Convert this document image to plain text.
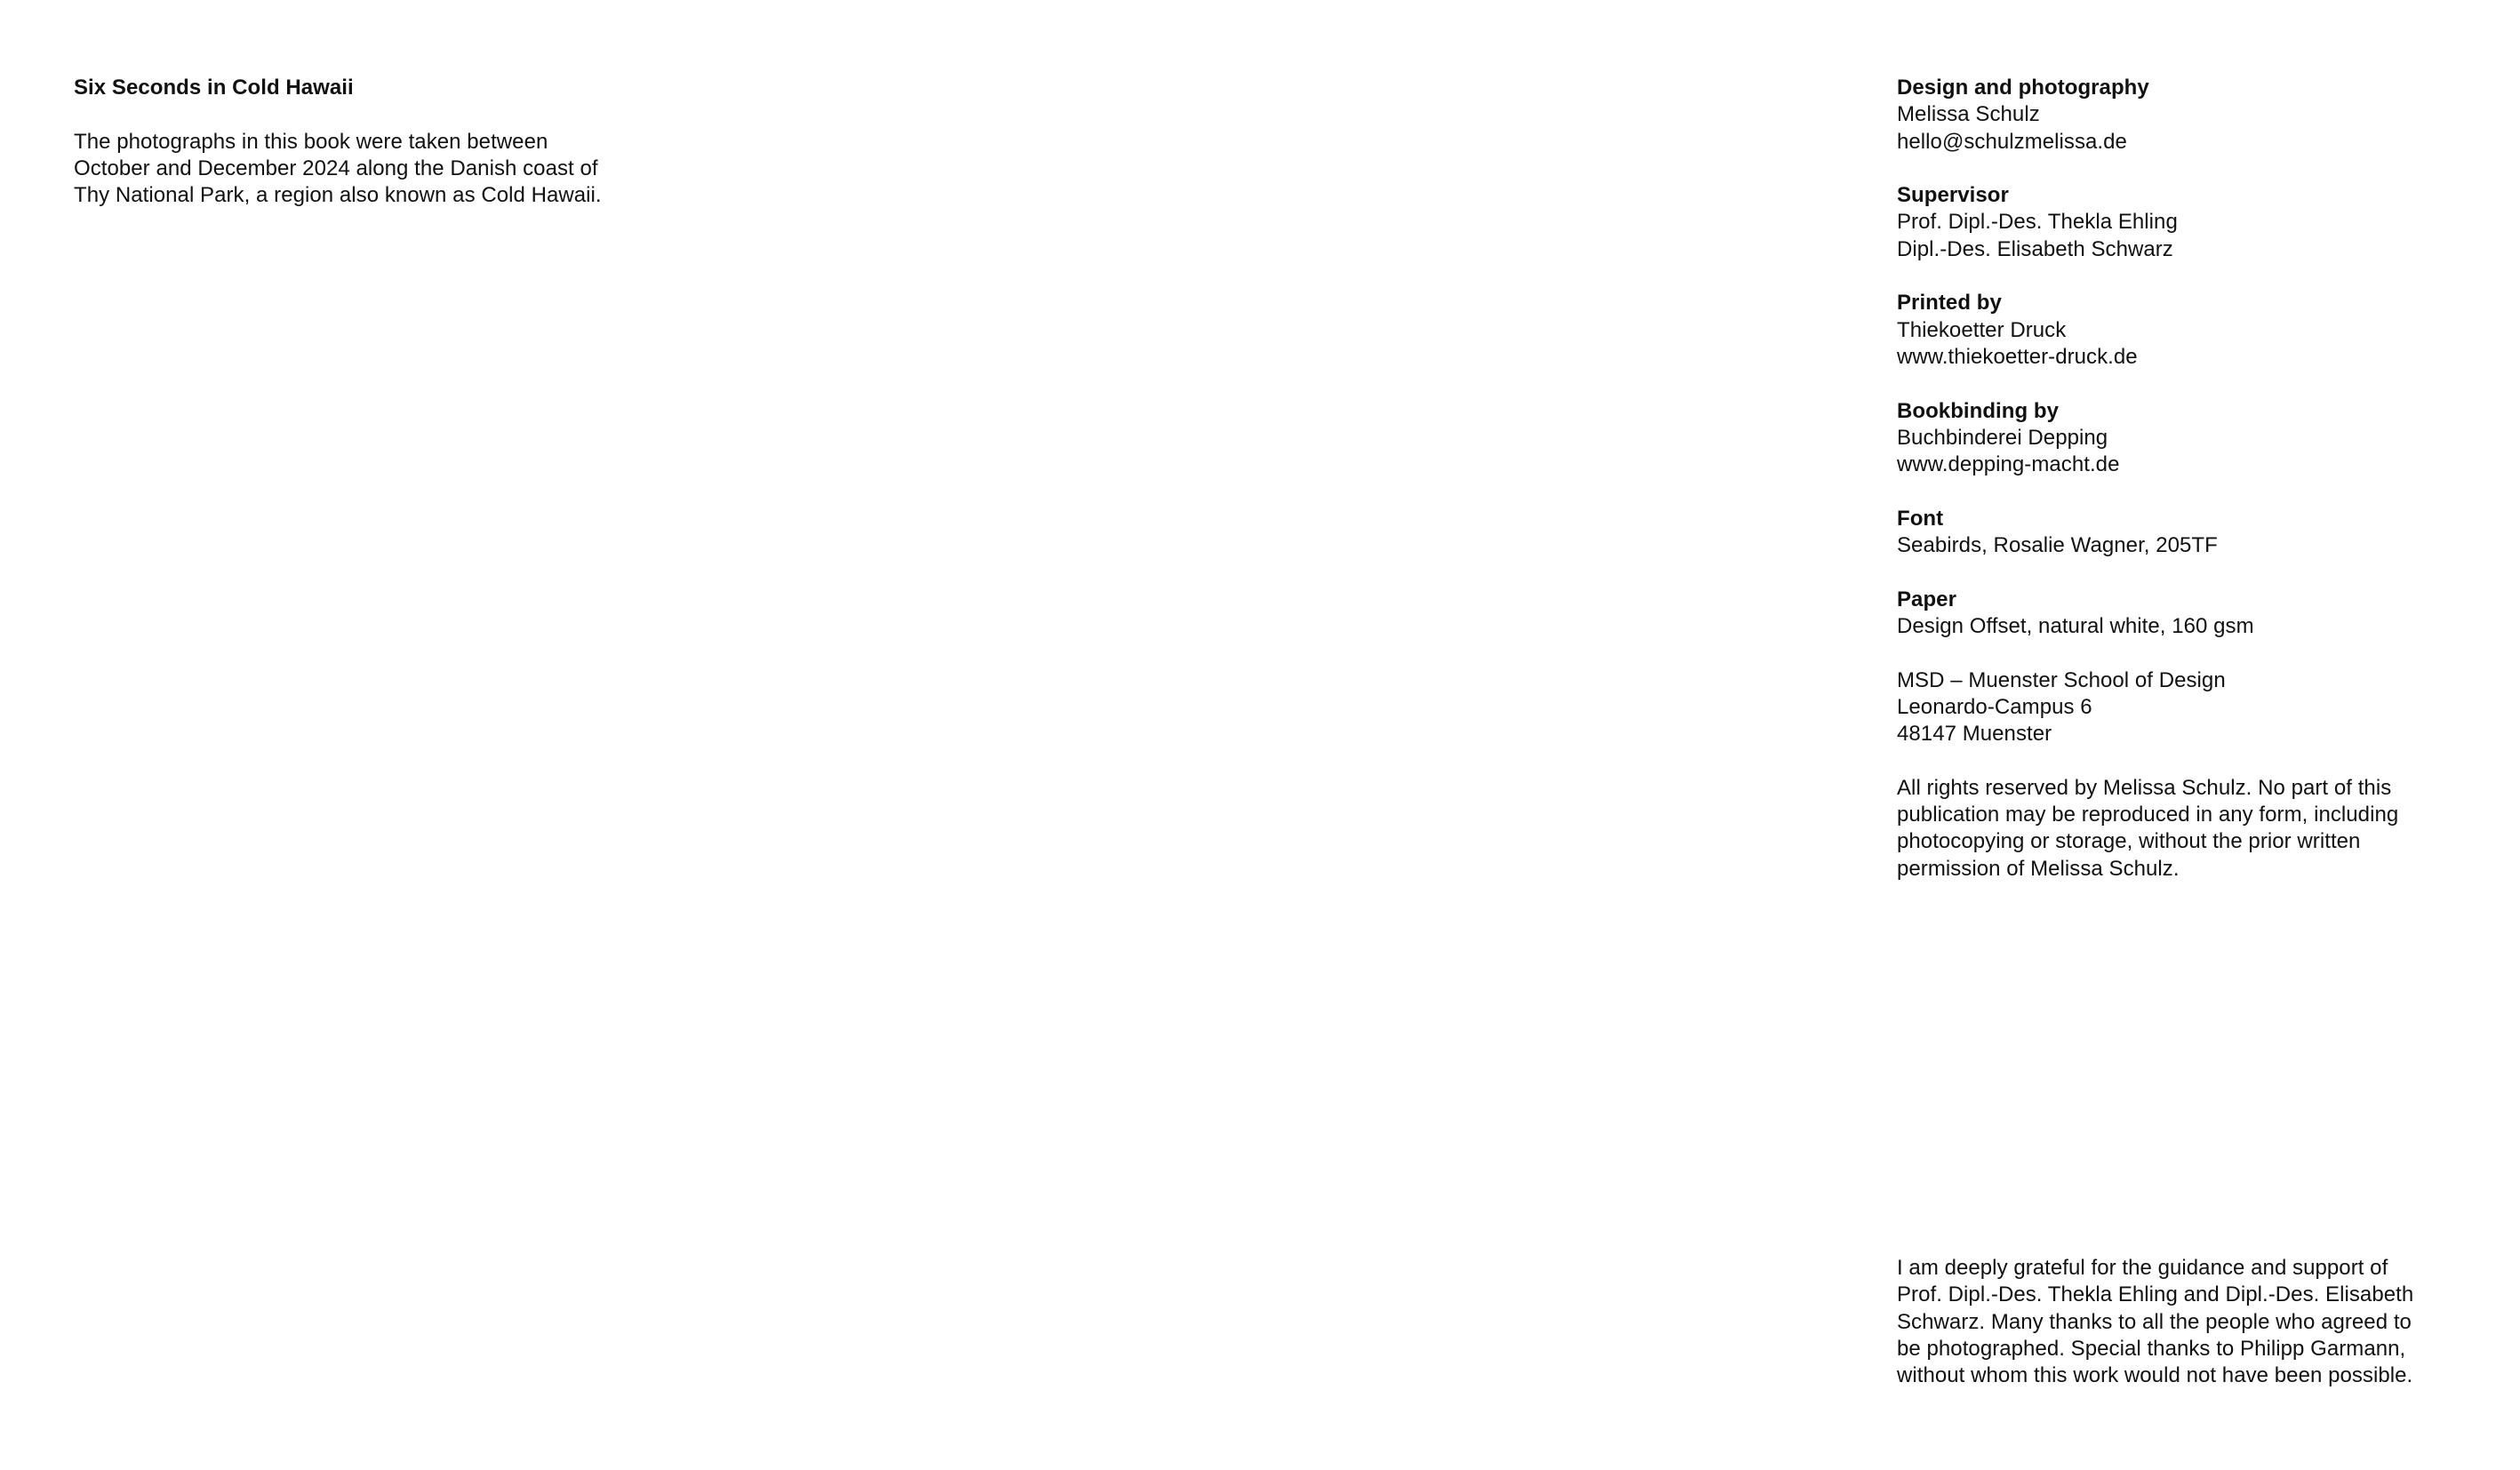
Six Seconds in Cold Hawaii

The photographs in this book were taken between
October and December 2024 along the Danish coast of
Thy National Park, a region also known as Cold Hawaii.

Design and photography
Melissa Schulz
hello@schulzmelissa.de
Supervisor
Prof. Dipl.-Des. Thekla Ehling
Dipl.-Des. Elisabeth Schwarz
Printed by
Thiekoetter Druck
www.thiekoetter-druck.de
Bookbinding by
Buchbinderei Depping
www.depping-macht.de
Font
Seabirds, Rosalie Wagner, 205TF
Paper
Design Offset, natural white, 160 gsm
MSD – Muenster School of Design
Leonardo-Campus 6
48147 Muenster

All rights reserved by Melissa Schulz. No part of this
publication may be reproduced in any form, including
photocopying or storage, without the prior written
permission of Melissa Schulz.

I am deeply grateful for the guidance and support of
Prof. Dipl.-Des. Thekla Ehling and Dipl.-Des. Elisabeth
Schwarz. Many thanks to all the people who agreed to
be photographed. Special thanks to Philipp Garmann,
without whom this work would not have been possible.
